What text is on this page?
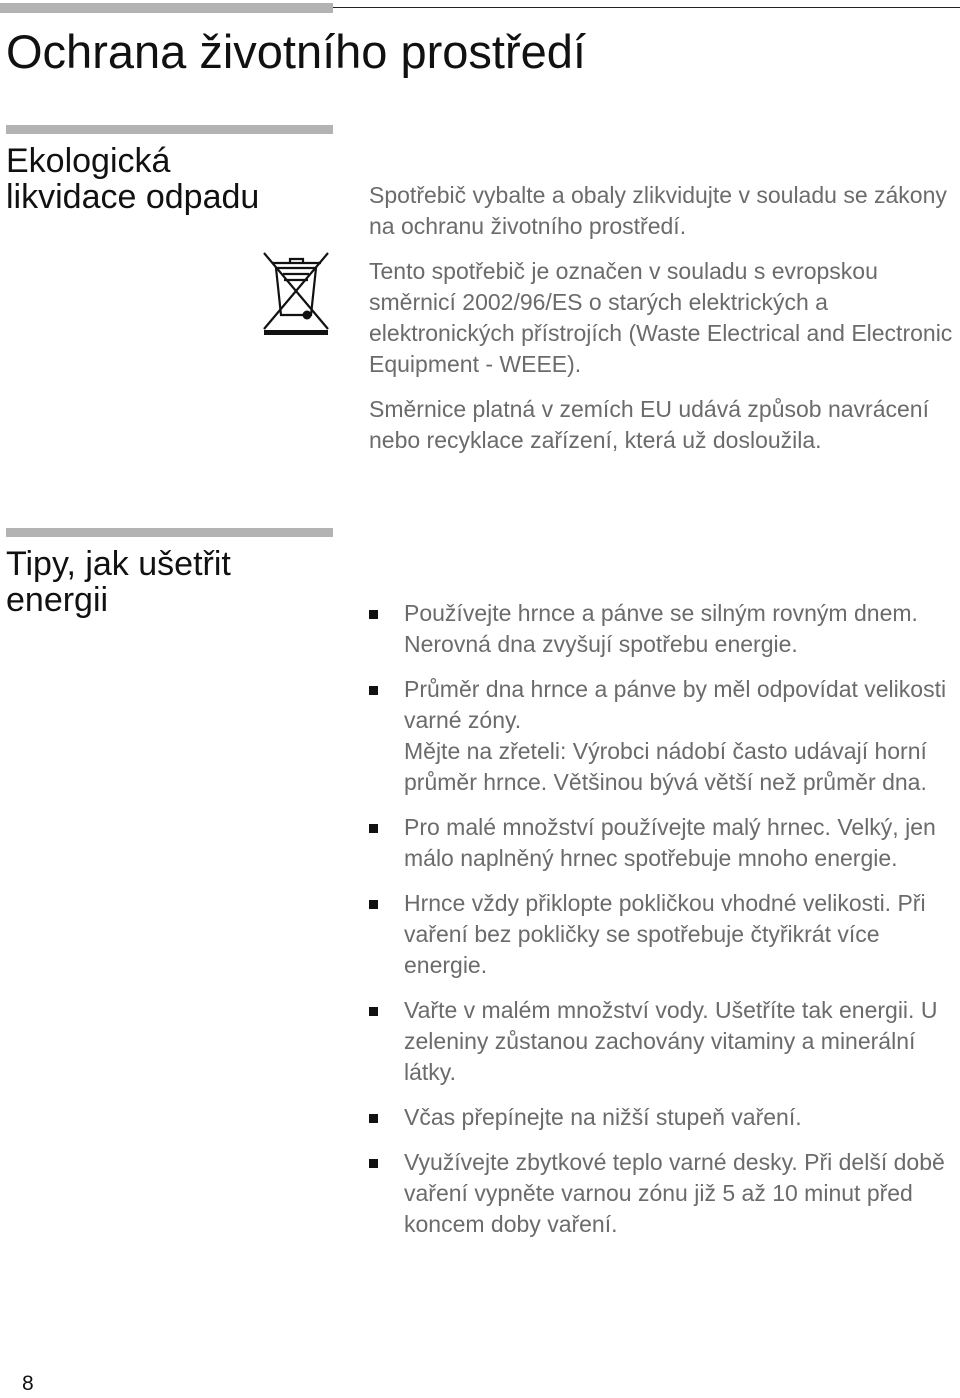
Ochrana životního prostředí
Ekologická
likvidace odpadu	Spotřebič vybalte a obaly zlikvidujte v souladu se zákony na ochranu životního prostředí.

Tento spotřebič je označen v souladu s evropskou směrnicí 2002/96/ES o starých elektrických a elektronických přístrojích (Waste Electrical and Electronic Equipment - WEEE).

Směrnice platná v zemích EU udává způsob navrácení nebo recyklace zařízení, která už dosloužila.

Tipy, jak ušetřit
energii	Používejte hrnce a pánve se silným rovným dnem. Nerovná dna zvyšují spotřebu energie.
Průměr dna hrnce a pánve by měl odpovídat velikosti varné zóny.
Mějte na zřeteli: Výrobci nádobí často udávají horní průměr hrnce. Většinou bývá větší než průměr dna.
Pro malé množství používejte malý hrnec. Velký, jen málo naplněný hrnec spotřebuje mnoho energie.
Hrnce vždy přiklopte pokličkou vhodné velikosti. Při vaření bez pokličky se spotřebuje čtyřikrát více energie.
Vařte v malém množství vody. Ušetříte tak energii. U zeleniny zůstanou zachovány vitaminy a minerální látky.
Včas přepínejte na nižší stupeň vaření.
Využívejte zbytkové teplo varné desky. Při delší době vaření vypněte varnou zónu již 5 až 10 minut před koncem doby vaření.
8
